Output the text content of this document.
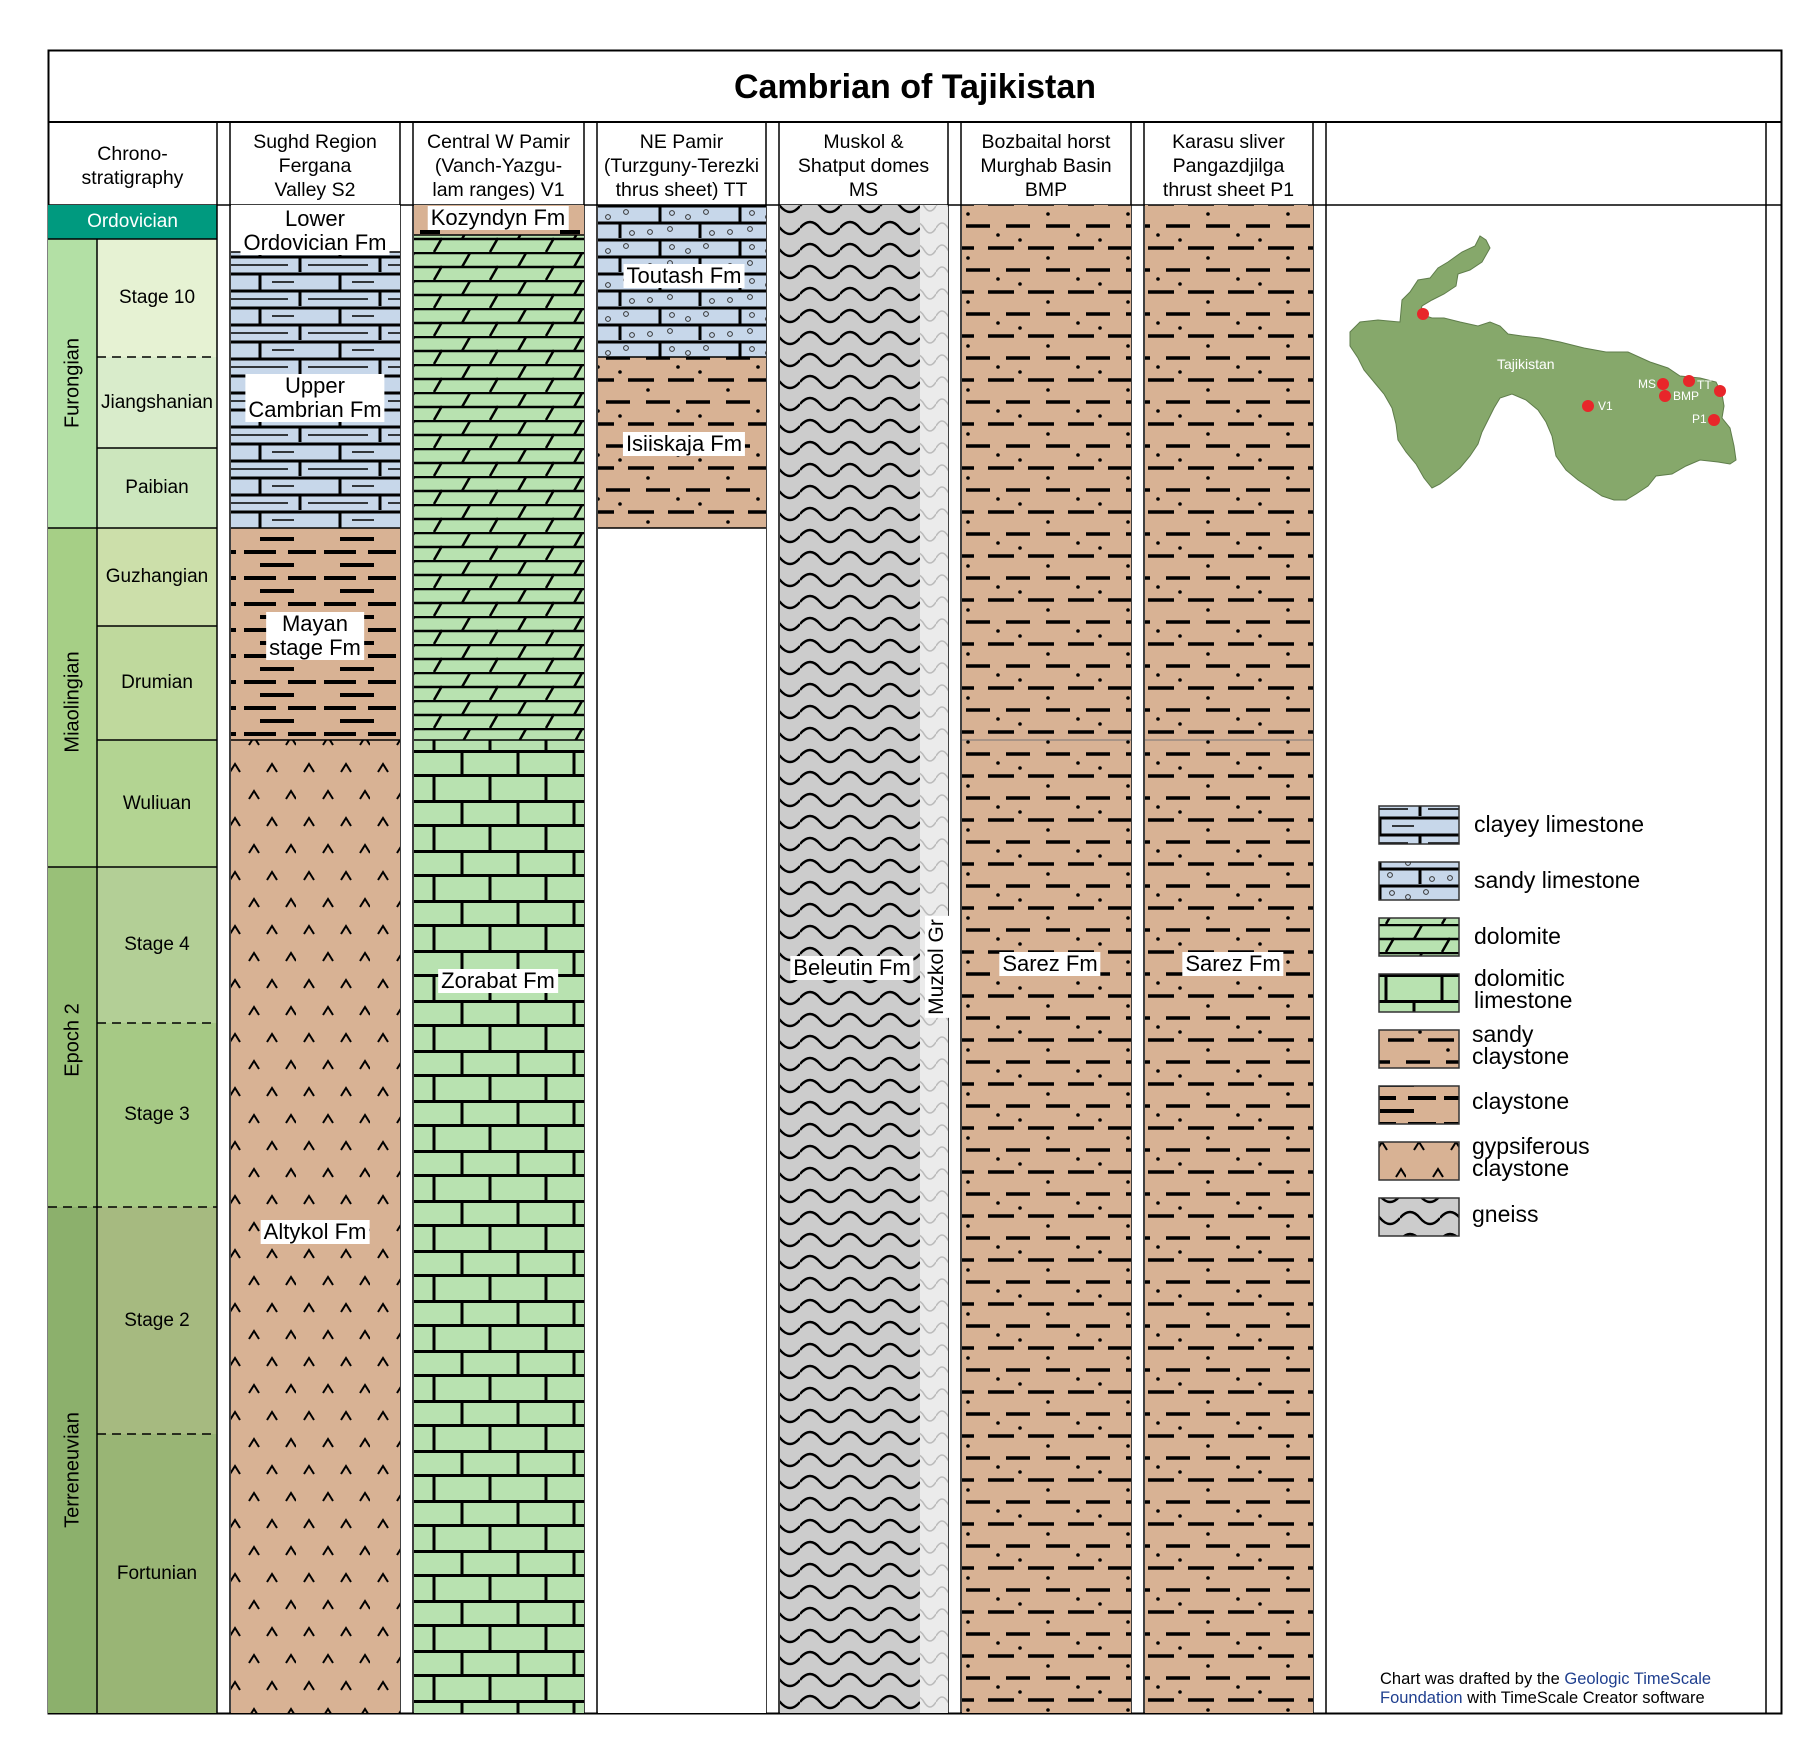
Cambrian of Tajikistan
Chrono-
stratigraphy
Sughd Region
Fergana
Valley S2
Central W Pamir
(Vanch-Yazgu-
lam ranges) V1
NE Pamir
(Turzguny-Terezki
thrus sheet) TT
Muskol &
Shatput domes
MS
Bozbaital horst
Murghab Basin
BMP
Karasu sliver
Pangazdjilga
thrust sheet P1
Ordovician
Furongian
Miaolingian
Epoch 2
Terreneuvian
Stage 10
Jiangshanian
Paibian
Guzhangian
Drumian
Wuliuan
Stage 4
Stage 3
Stage 2
Fortunian
Lower
Ordovician Fm
Upper
Cambrian Fm
Mayan
stage Fm
Altykol Fm
Kozyndyn Fm
Zorabat Fm
Toutash Fm
Isiiskaja Fm
Beleutin Fm Muzkol Gr Sarez Fm	Sarez Fm
S2
Tajikistan
V1
MS
BMP
TT
P1
clayey limestone
sandy limestone
dolomite
dolomitic
limestone
sandy
claystone
claystone
gypsiferous
claystone
gneiss
Chart was drafted by the Geologic TimeScale
Foundation with TimeScale Creator software
